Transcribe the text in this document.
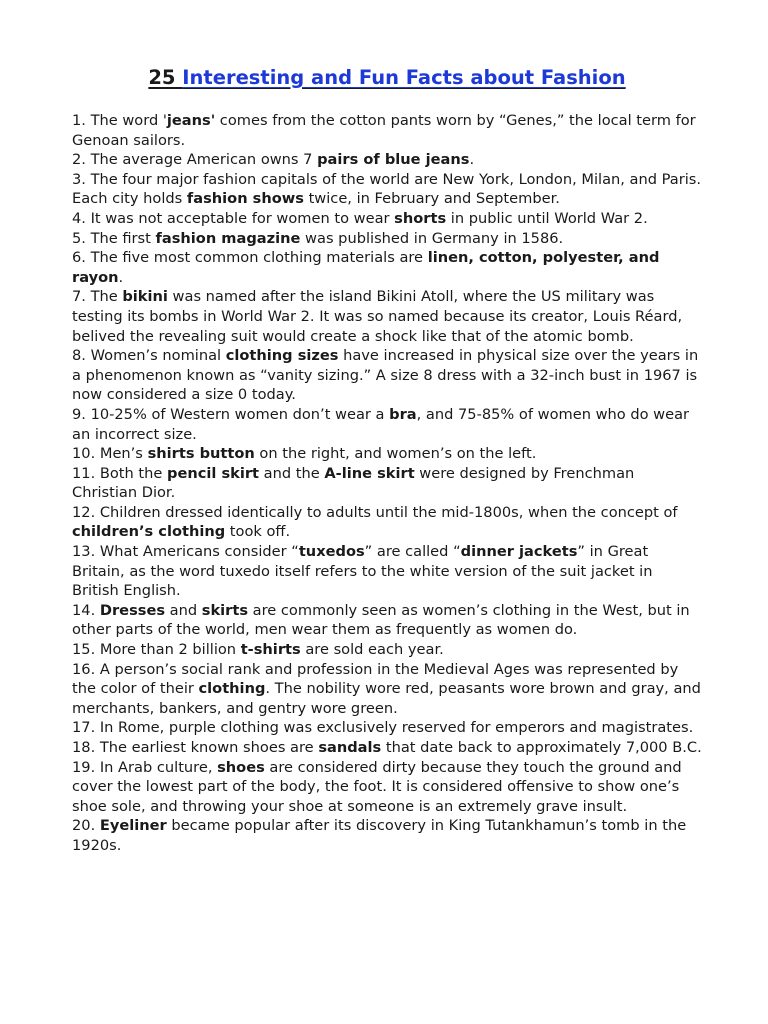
25 Interesting and Fun Facts about Fashion
1. The word 'jeans' comes from the cotton pants worn by “Genes,” the local term for Genoan sailors.
2. The average American owns 7 pairs of blue jeans.
3. The four major fashion capitals of the world are New York, London, Milan, and Paris. Each city holds fashion shows twice, in February and September.
4. It was not acceptable for women to wear shorts in public until World War 2.
5. The first fashion magazine was published in Germany in 1586.
6. The five most common clothing materials are linen, cotton, polyester, and rayon.
7. The bikini was named after the island Bikini Atoll, where the US military was testing its bombs in World War 2. It was so named because its creator, Louis Réard, belived the revealing suit would create a shock like that of the atomic bomb.
8. Women’s nominal clothing sizes have increased in physical size over the years in a phenomenon known as “vanity sizing.” A size 8 dress with a 32-inch bust in 1967 is now considered a size 0 today.
9. 10-25% of Western women don’t wear a bra, and 75-85% of women who do wear an incorrect size.
10. Men’s shirts button on the right, and women’s on the left.
11. Both the pencil skirt and the A-line skirt were designed by Frenchman Christian Dior.
12. Children dressed identically to adults until the mid-1800s, when the concept of children’s clothing took off.
13. What Americans consider “tuxedos” are called “dinner jackets” in Great Britain, as the word tuxedo itself refers to the white version of the suit jacket in British English.
14. Dresses and skirts are commonly seen as women’s clothing in the West, but in other parts of the world, men wear them as frequently as women do.
15. More than 2 billion t-shirts are sold each year.
16. A person’s social rank and profession in the Medieval Ages was represented by the color of their clothing. The nobility wore red, peasants wore brown and gray, and merchants, bankers, and gentry wore green.
17. In Rome, purple clothing was exclusively reserved for emperors and magistrates.
18. The earliest known shoes are sandals that date back to approximately 7,000 B.C.
19. In Arab culture, shoes are considered dirty because they touch the ground and cover the lowest part of the body, the foot. It is considered offensive to show one’s shoe sole, and throwing your shoe at someone is an extremely grave insult.
20. Eyeliner became popular after its discovery in King Tutankhamun’s tomb in the 1920s.
